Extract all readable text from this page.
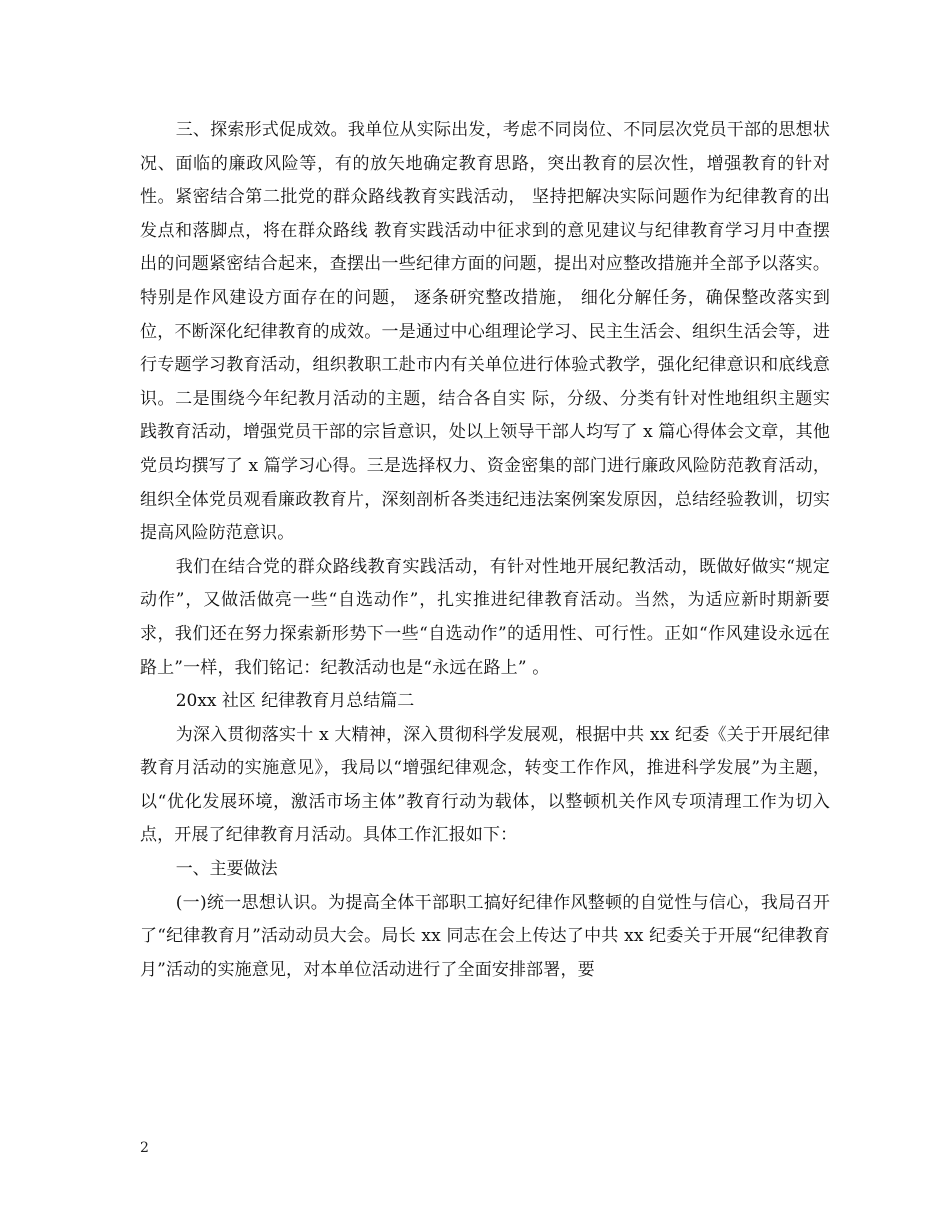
三、探索形式促成效。我单位从实际出发，考虑不同岗位、不同层次党员干部的思想状况、面临的廉政风险等，有的放矢地确定教育思路，突出教育的层次性，增强教育的针对性。紧密结合第二批党的群众路线教育实践活动， 坚持把解决实际问题作为纪律教育的出发点和落脚点，将在群众路线 教育实践活动中征求到的意见建议与纪律教育学习月中查摆出的问题紧密结合起来，查摆出一些纪律方面的问题，提出对应整改措施并全部予以落实。特别是作风建设方面存在的问题， 逐条研究整改措施， 细化分解任务，确保整改落实到位，不断深化纪律教育的成效。一是通过中心组理论学习、民主生活会、组织生活会等，进行专题学习教育活动，组织教职工赴市内有关单位进行体验式教学，强化纪律意识和底线意识。二是围绕今年纪教月活动的主题，结合各自实 际，分级、分类有针对性地组织主题实践教育活动，增强党员干部的宗旨意识，处以上领导干部人均写了 x 篇心得体会文章，其他党员均撰写了 x 篇学习心得。三是选择权力、资金密集的部门进行廉政风险防范教育活动，组织全体党员观看廉政教育片，深刻剖析各类违纪违法案例案发原因，总结经验教训，切实提高风险防范意识。

我们在结合党的群众路线教育实践活动，有针对性地开展纪教活动，既做好做实“规定动作”，又做活做亮一些“自选动作”，扎实推进纪律教育活动。当然，为适应新时期新要求，我们还在努力探索新形势下一些“自选动作”的适用性、可行性。正如“作风建设永远在 路上”一样，我们铭记：纪教活动也是“永远在路上” 。

20xx 社区 纪律教育月总结篇二

为深入贯彻落实十 x 大精神，深入贯彻科学发展观，根据中共 xx 纪委《关于开展纪律教育月活动的实施意见》，我局以“增强纪律观念，转变工作作风，推进科学发展”为主题，以“优化发展环境，激活市场主体”教育行动为载体，以整顿机关作风专项清理工作为切入点，开展了纪律教育月活动。具体工作汇报如下：

一、主要做法

(一)统一思想认识。为提高全体干部职工搞好纪律作风整顿的自觉性与信心，我局召开了“纪律教育月”活动动员大会。局长 xx 同志在会上传达了中共 xx 纪委关于开展“纪律教育月”活动的实施意见，对本单位活动进行了全面安排部署，要

2
